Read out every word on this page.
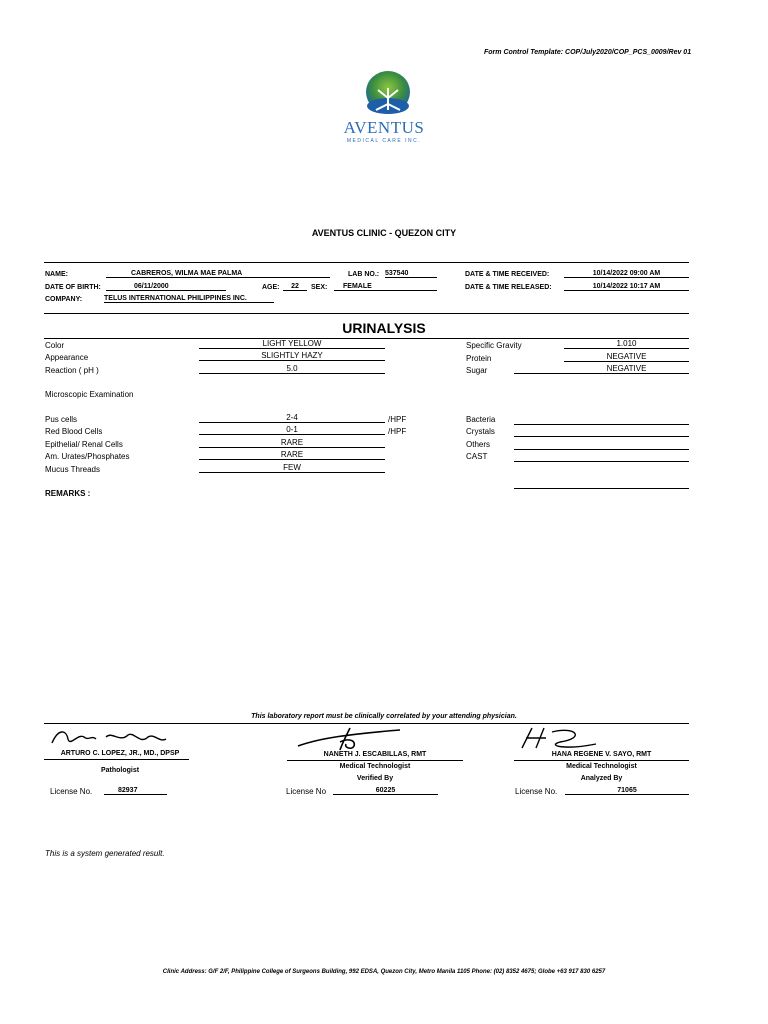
Form Control Template: COP/July2020/COP_PCS_0009/Rev 01
AVENTUS
MEDICAL CARE INC.
AVENTUS CLINIC - QUEZON CITY
NAME:	CABREROS, WILMA MAE PALMA	LAB NO.: 537540	DATE & TIME RECEIVED:	10/14/2022 09:00 AM
DATE OF BIRTH:	06/11/2000	AGE:	22	SEX:	FEMALE	DATE & TIME RELEASED:	10/14/2022 10:17 AM
COMPANY:	TELUS INTERNATIONAL PHILIPPINES INC.
URINALYSIS
Color	LIGHT YELLOW
Appearance	SLIGHTLY HAZY
Reaction ( pH )	5.0
Specific Gravity	1.010
Protein	NEGATIVE
Sugar	NEGATIVE
Microscopic Examination
Pus cells	2-4	/HPF
Red Blood Cells	0-1	/HPF
Epithelial/ Renal Cells	RARE
Am. Urates/Phosphates	RARE
Mucus Threads	FEW
Bacteria
Crystals
Others
CAST
REMARKS :
This laboratory report must be clinically correlated by your attending physician.
ARTURO C. LOPEZ, JR., MD., DPSP
Pathologist
License No.	82937
NANETH J. ESCABILLAS, RMT
Medical Technologist
Verified By
License No	60225
HANA REGENE V. SAYO, RMT
Medical Technologist
Analyzed By
License No.	71065
This is a system generated result.
Clinic Address: G/F 2/F, Philippine College of Surgeons Building, 992 EDSA, Quezon City, Metro Manila 1105 Phone: (02) 8352 4675; Globe +63 917 830 6257
